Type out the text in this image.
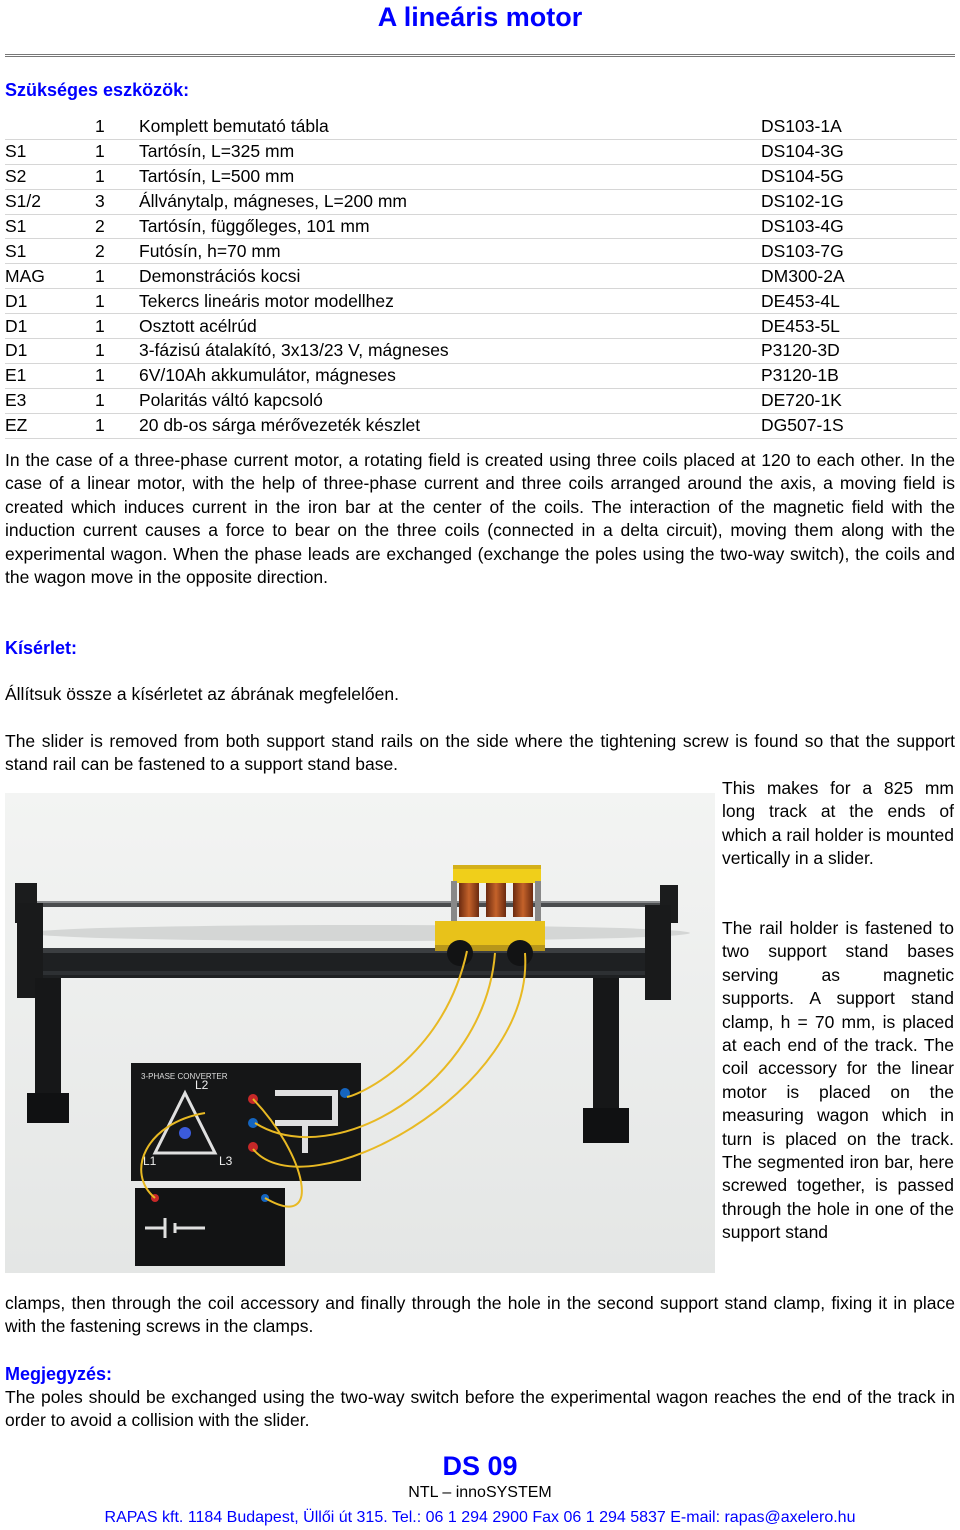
A lineáris motor
Szükséges eszközök:
	1	Komplett bemutató tábla	DS103-1A
S1	1	Tartósín, L=325 mm	DS104-3G
S2	1	Tartósín, L=500 mm	DS104-5G
S1/2	3	Állványtalp, mágneses, L=200 mm	DS102-1G
S1	2	Tartósín, függőleges, 101 mm	DS103-4G
S1	2	Futósín, h=70 mm	DS103-7G
MAG	1	Demonstrációs kocsi	DM300-2A
D1	1	Tekercs lineáris motor modellhez	DE453-4L
D1	1	Osztott acélrúd	DE453-5L
D1	1	3-fázisú átalakító, 3x13/23 V, mágneses	P3120-3D
E1	1	6V/10Ah akkumulátor, mágneses	P3120-1B
E3	1	Polaritás váltó kapcsoló	DE720-1K
EZ	1	20 db-os sárga mérővezeték készlet	DG507-1S

In the case of a three-phase current motor, a rotating field is created using three coils placed at 120 to each other. In the case of a linear motor, with the help of three-phase current and three coils arranged around the axis, a moving field is created which induces current in the iron bar at the center of the coils. The interaction of the magnetic field with the induction current causes a force to bear on the three coils (connected in a delta circuit), moving them along with the experimental wagon. When the phase leads are exchanged (exchange the poles using the two-way switch), the coils and the wagon move in the opposite direction.

Kísérlet:

Állítsuk össze a kísérletet az ábrának megfelelően.

The slider is removed from both support stand rails on the side where the tightening screw is found so that the support stand rail can be fastened to a support stand base.

3-PHASE CONVERTER
L2
L1	L3

This makes for a 825 mm long track at the ends of which a rail holder is mounted vertically in a slider.

The rail holder is fastened to two support stand bases serving as magnetic supports. A support stand clamp, h = 70 mm, is placed at each end of the track. The coil accessory for the linear motor is placed on the measuring wagon which in turn is placed on the track. The segmented iron bar, here screwed together, is passed through the hole in one of the support stand

clamps, then through the coil accessory and finally through the hole in the second support stand clamp, fixing it in place with the fastening screws in the clamps.

Megjegyzés:

The poles should be exchanged using the two-way switch before the experimental wagon reaches the end of the track in order to avoid a collision with the slider.

DS 09
NTL – innoSYSTEM
RAPAS kft. 1184 Budapest, Üllői út 315. Tel.: 06 1 294 2900 Fax 06 1 294 5837 E-mail: rapas@axelero.hu
